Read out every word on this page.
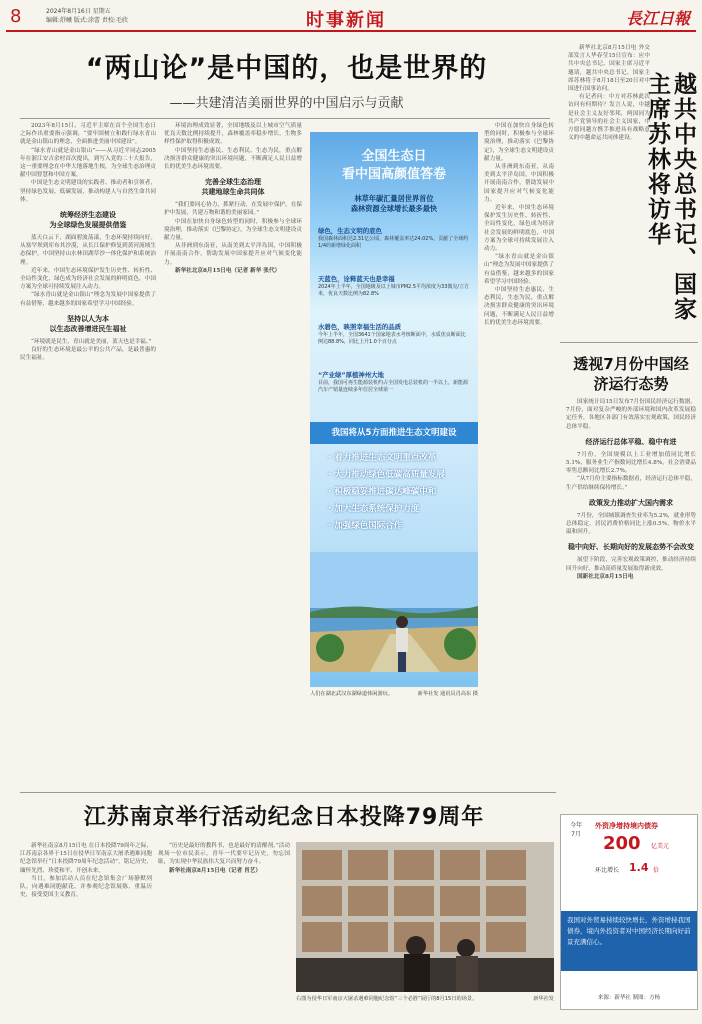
8	2024年8月16日 星期五
编辑:舒曦 版式:涂蕾 责校:毛欣	时事新闻	長江日報
“两山论”是中国的，也是世界的
——共建清洁美丽世界的中国启示与贡献

2023年8月15日，习近平主席在首个全国生态日之际作出重要指示强调，“要牢固树立和践行绿水青山就是金山银山的理念，全面推进美丽中国建设”。

“绿水青山就是金山银山”——从习近平同志2005年在浙江安吉余村首次提出，到写入党的二十大报告，这一重要理念在中华大地落地生根，为全球生态治理贡献中国智慧和中国方案。

中国是生态文明建设的实践者、推动者和引领者，坚持绿色发展、低碳发展，推动构建人与自然生命共同体。

统筹经济生态建设
为全球绿色发展提供借鉴

蓝天白云下，湖面碧波荡漾，生态环境持续向好。从塞罕坝到库布其沙漠，从长江保护修复到黄河流域生态保护，中国坚持山水林田湖草沙一体化保护和系统治理。

近年来，中国生态环境保护发生历史性、转折性、全局性变化，绿色成为经济社会发展的鲜明底色，中国方案为全球可持续发展注入动力。

“绿水青山就是金山银山”理念为发展中国家提供了有益借鉴，越来越多的国家希望学习中国经验。

坚持以人为本
以生态改善增进民生福祉

“环境就是民生，青山就是美丽，蓝天也是幸福。”

良好的生态环境是最公平的公共产品，是最普惠的民生福祉。

环境治理成效显著，全国地级及以上城市空气质量优良天数比例持续提升，森林覆盖率稳步增长，生物多样性保护取得积极成效。

中国坚持生态惠民、生态利民、生态为民，重点解决损害群众健康的突出环境问题，不断满足人民日益增长的优美生态环境需要。

完善全球生态治理
共建地球生命共同体

“我们要同心协力，抓紧行动，在发展中保护，在保护中发展，共建万物和谐的美丽家园。”

中国在加快自身绿色转型的同时，积极参与全球环境治理，推动落实《巴黎协定》，为全球生态文明建设贡献力量。

从非洲到东南亚，从南美到太平洋岛国，中国积极开展南南合作，帮助发展中国家提升应对气候变化能力。

新华社北京8月15日电（记者 新华 张代）

全国生态日
看中国高颜值答卷
林草年碳汇量居世界首位
森林资源全球增长最多最快
绿色，生态文明的底色
我国森林面积达2.31亿公顷，森林覆盖率达24.02%，贡献了全球约1/4的新增绿化面积
天蓝色，诠释蓝天也是幸福
2024年上半年，全国地级及以上城市PM2.5平均浓度为33微克/立方米，优良天数比例为82.8%
水碧色，映照幸福生活的品质
今年上半年，全国3641个国家地表水考核断面中，水质优良断面比例达88.8%，同比上升1.0个百分点
“产业绿”厚植神州大地
目前，我国可再生能源装机约占全国发电总装机的一半以上，新能源汽车产销量连续多年位居全球第一
我国将从5方面推进生态文明建设
· 着力推进生态文明重点改革
· 大力推动绿色低碳高质量发展
· 积极稳妥推进碳达峰碳中和
· 加大生态系统保护力度
· 加强绿色国际合作
人们在湖北武汉东湖绿道休闲游玩。	新华社发 通讯员肖高东 摄

中国在加快自身绿色转型的同时，积极参与全球环境治理，推动落实《巴黎协定》，为全球生态文明建设贡献力量。

从非洲到东南亚，从南美到太平洋岛国，中国积极开展南南合作，帮助发展中国家提升应对气候变化能力。

近年来，中国生态环境保护发生历史性、转折性、全局性变化，绿色成为经济社会发展的鲜明底色，中国方案为全球可持续发展注入动力。

“绿水青山就是金山银山”理念为发展中国家提供了有益借鉴，越来越多的国家希望学习中国经验。

中国坚持生态惠民、生态利民、生态为民，重点解决损害群众健康的突出环境问题，不断满足人民日益增长的优美生态环境需要。

新华社北京8月15日电 外交部发言人华春莹15日宣布：应中共中央总书记、国家主席习近平邀请，越共中央总书记、国家主席苏林将于8月18日至20日对中国进行国事访问。

有记者问：中方对苏林此次访问有何期待？发言人说，中越是社会主义友好邻邦，两国同为共产党领导的社会主义国家，中方愿同越方携手推进具有战略意义的中越命运共同体建设。	越共中央总书记、国家主席苏林将访华
透视7月份中国经济运行态势

国家统计局15日发布7月份国民经济运行数据。7月份，面对复杂严峻的外部环境和国内改革发展稳定任务，各地区各部门有效落实宏观政策，国民经济总体平稳。

经济运行总体平稳、稳中有进

7月份，全国规模以上工业增加值同比增长5.1%，服务业生产指数同比增长4.8%，社会消费品零售总额同比增长2.7%。

“从7月份主要指标数据看，经济运行总体平稳，生产供给继续保持增长。”

政策发力推动扩大国内需求

7月份，全国城镇调查失业率为5.2%，就业形势总体稳定。居民消费价格同比上涨0.5%，物价水平温和回升。

稳中向好、长期向好的发展态势不会改变

展望下阶段，完善宏观政策调控，推动经济持续回升向好，推动高质量发展取得新成效。

国新社北京8月15日电

江苏南京举行活动纪念日本投降79周年

新华社南京8月15日电 在日本投降79周年之际，江苏南京各界于15日在侵华日军南京大屠杀遇难同胞纪念馆举行“日本投降79周年纪念活动”，铭记历史、缅怀先烈、珍爱和平、开创未来。

当日，参加活动人员在纪念馆集会广场静默列队，向遇难同胞献花，并参观纪念馆展陈，重温历史，接受爱国主义教育。

“历史是最好的教科书，也是最好的清醒剂。”活动现场一位市民表示，青年一代要牢记历史，勿忘国耻，为实现中华民族伟大复兴而努力奋斗。

新华社南京8月15日电（记者 肖艺）

右图为侵华日军南京大屠杀遇难同胞纪念馆“三个必胜”展厅的8月15日的场景。	新华社发
今年
7月
外资净增持境内债券
200 亿美元
环比增长 1.4 倍
我国对外贸易持续较快增长，外资增持我国债券，境内外投资者对中国经济长期向好前景充满信心。
来源：新华社 制图：方杨
